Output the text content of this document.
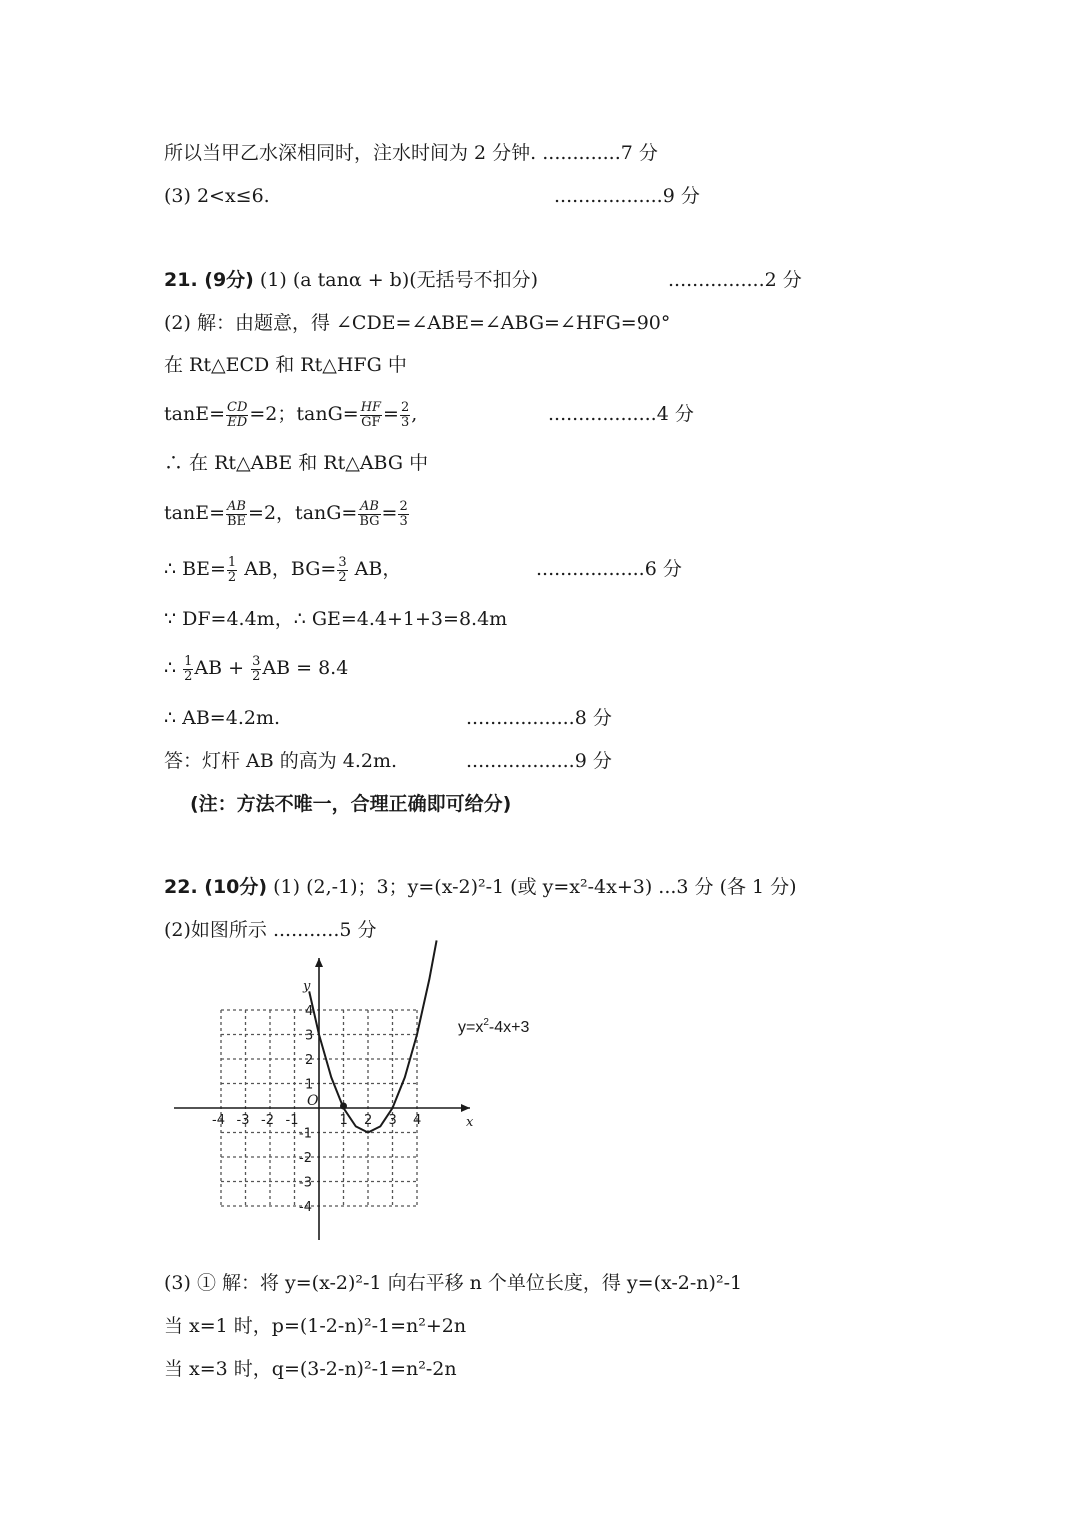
所以当甲乙水深相同时，注水时间为 2 分钟. .............7 分
(3) 2<x≤6.	..................9 分
21. (9分) (1) (a tanα + b)(无括号不扣分)	................2 分
(2) 解：由题意，得 ∠CDE=∠ABE=∠ABG=∠HFG=90°
在 Rt△ECD 和 Rt△HFG 中
$\tan E= \frac{CD}{ED} =2$；$\tan G= \frac{HF}{GF} = \frac{2}{3}$ ,	..................4 分
∴ 在 Rt△ABE 和 Rt△ABG 中
$\tan E= \frac{AB}{BE} =2$，$\tan G= \frac{AB}{BG} = \frac{2}{3}$
∴ $BE= \frac{1}{2}$ AB，$BG= \frac{3}{2}$ AB，	..................6 分
∵ DF=4.4m，∴ GE=4.4+1+3=8.4m
∴ $\frac{1}{2}$ AB + $\frac{3}{2}$ AB = 8.4
∴ AB=4.2m.	..................8 分
答：灯杆 AB 的高为 4.2m.	..................9 分
(注：方法不唯一，合理正确即可给分)
22. (10分) (1) (2,-1)；3；y=(x-2)²-1 (或 y=x²-4x+3) ...3 分 (各 1 分)
(2)如图所示 ...........5 分
x
y
O
-4 -3 -2 -1	1 2 3 4
4
3
2
1
-1
-2
-3
-4
$y=x^2-4x+3$
(3) ① 解：将 y=(x-2)²-1 向右平移 n 个单位长度，得 y=(x-2-n)²-1
当 x=1 时，p=(1-2-n)²-1=n²+2n
当 x=3 时，q=(3-2-n)²-1=n²-2n
